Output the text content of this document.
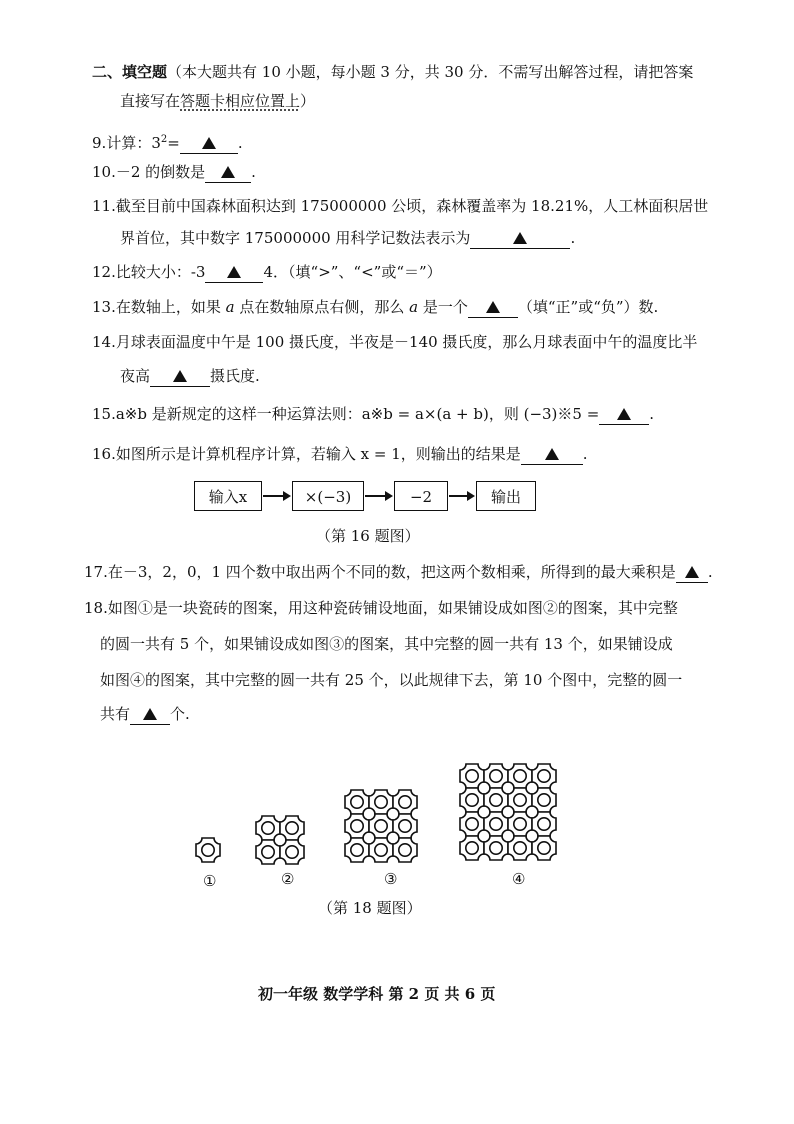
二、填空题（本大题共有 10 小题，每小题 3 分，共 30 分．不需写出解答过程，请把答案
直接写在答题卡相应位置上）
9.计算：$3^2=$	.
10.－2 的倒数是	.
11.截至目前中国森林面积达到 175000000 公顷，森林覆盖率为 18.21%，人工林面积居世
界首位，其中数字 175000000 用科学记数法表示为	.
12.比较大小：-3	4．（填“>”、“<”或“＝”）
13.在数轴上，如果 a 点在数轴原点右侧，那么 a 是一个	（填“正”或“负”）数.
14.月球表面温度中午是 100 摄氏度，半夜是－140 摄氏度，那么月球表面中午的温度比半
夜高	摄氏度.
15.a※b 是新规定的这样一种运算法则：a※b = a×(a + b)，则 (−3)※5 =	.
16.如图所示是计算机程序计算，若输入 x = 1，则输出的结果是	.
输入x	×(−3)	−2	输出
（第 16 题图）
17.在－3，2，0，1 四个数中取出两个不同的数，把这两个数相乘，所得到的最大乘积是 .
18.如图①是一块瓷砖的图案，用这种瓷砖铺设地面，如果铺设成如图②的图案，其中完整
的圆一共有 5 个，如果铺设成如图③的图案，其中完整的圆一共有 13 个，如果铺设成
如图④的图案，其中完整的圆一共有 25 个，以此规律下去，第 10 个图中，完整的圆一
共有	个.
①	②	③	④
（第 18 题图）
初一年级 数学学科 第 2 页 共 6 页
